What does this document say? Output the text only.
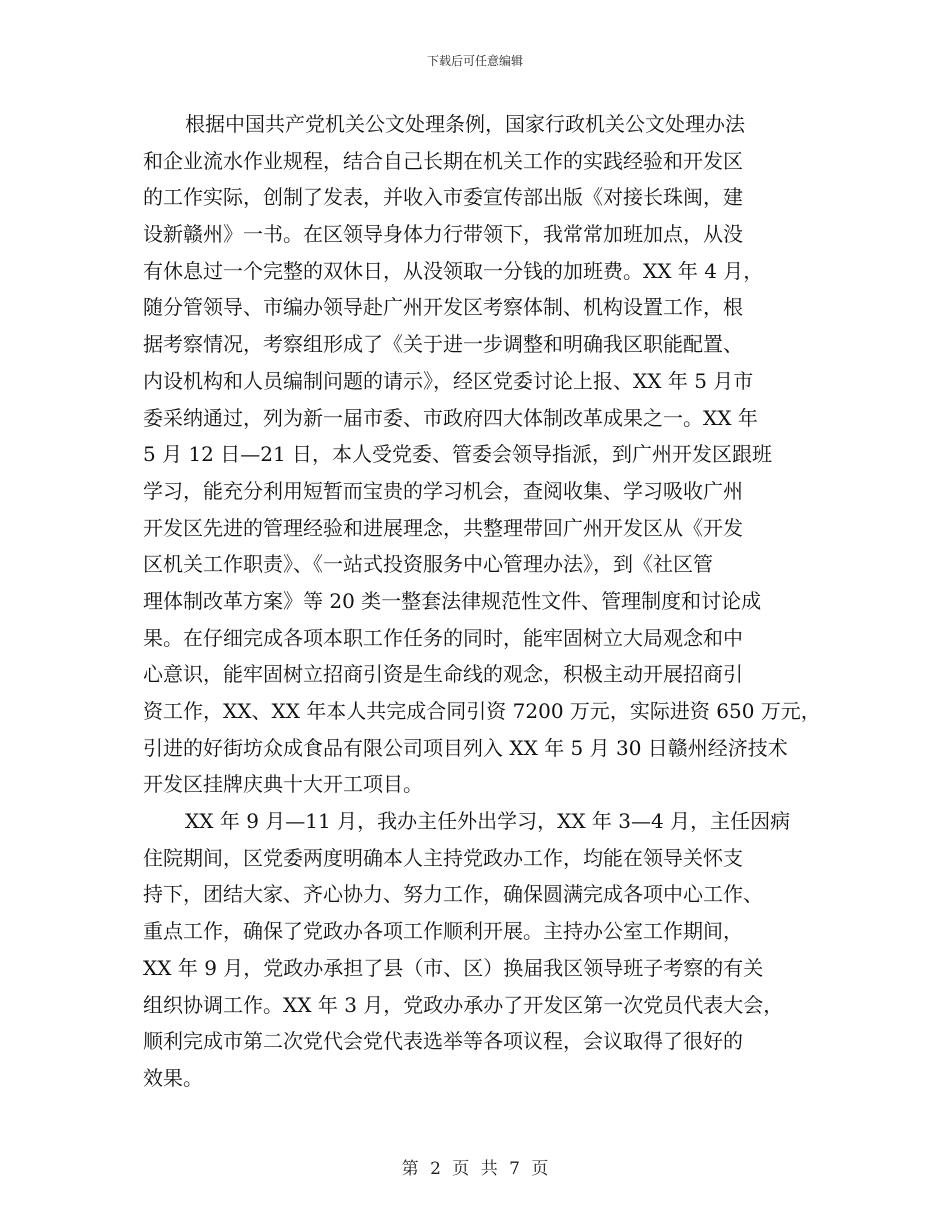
下载后可任意编辑
根据中国共产党机关公文处理条例，国家行政机关公文处理办法
和企业流水作业规程，结合自己长期在机关工作的实践经验和开发区
的工作实际，创制了发表，并收入市委宣传部出版《对接长珠闽，建
设新赣州》一书。在区领导身体力行带领下，我常常加班加点，从没
有休息过一个完整的双休日，从没领取一分钱的加班费。XX 年 4 月，
随分管领导、市编办领导赴广州开发区考察体制、机构设置工作，根
据考察情况，考察组形成了《关于进一步调整和明确我区职能配置、
内设机构和人员编制问题的请示》，经区党委讨论上报、XX 年 5 月市
委采纳通过，列为新一届市委、市政府四大体制改革成果之一。XX 年
5 月 12 日—21 日，本人受党委、管委会领导指派，到广州开发区跟班
学习，能充分利用短暂而宝贵的学习机会，查阅收集、学习吸收广州
开发区先进的管理经验和进展理念，共整理带回广州开发区从《开发
区机关工作职责》、《一站式投资服务中心管理办法》，到《社区管
理体制改革方案》等 20 类一整套法律规范性文件、管理制度和讨论成
果。在仔细完成各项本职工作任务的同时，能牢固树立大局观念和中
心意识，能牢固树立招商引资是生命线的观念，积极主动开展招商引
资工作，XX、XX 年本人共完成合同引资 7200 万元，实际进资 650 万元，
引进的好街坊众成食品有限公司项目列入 XX 年 5 月 30 日赣州经济技术
开发区挂牌庆典十大开工项目。
XX 年 9 月—11 月，我办主任外出学习，XX 年 3—4 月，主任因病
住院期间，区党委两度明确本人主持党政办工作，均能在领导关怀支
持下，团结大家、齐心协力、努力工作，确保圆满完成各项中心工作、
重点工作，确保了党政办各项工作顺利开展。主持办公室工作期间，
XX 年 9 月，党政办承担了县（市、区）换届我区领导班子考察的有关
组织协调工作。XX 年 3 月，党政办承办了开发区第一次党员代表大会，
顺利完成市第二次党代会党代表选举等各项议程，会议取得了很好的
效果。
第 2 页 共 7 页
